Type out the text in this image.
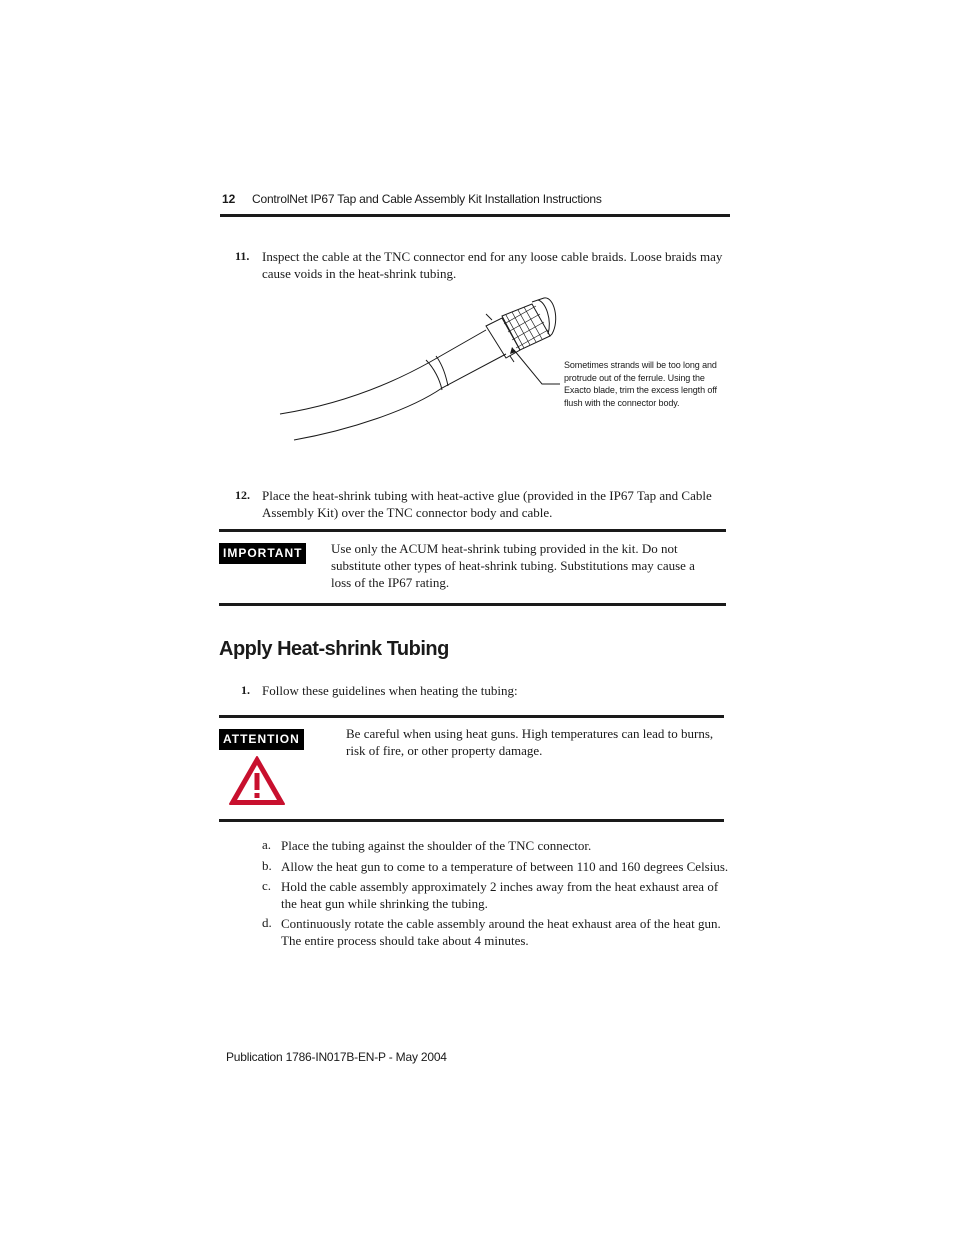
12 ControlNet IP67 Tap and Cable Assembly Kit Installation Instructions
11. Inspect the cable at the TNC connector end for any loose cable braids. Loose braids may
cause voids in the heat-shrink tubing.
Sometimes strands will be too long and
protrude out of the ferrule. Using the
Exacto blade, trim the excess length off
flush with the connector body.
12. Place the heat-shrink tubing with heat-active glue (provided in the IP67 Tap and Cable
Assembly Kit) over the TNC connector body and cable.
IMPORTANT	Use only the ACUM heat-shrink tubing provided in the kit. Do not
substitute other types of heat-shrink tubing. Substitutions may cause a
loss of the IP67 rating.
Apply Heat-shrink Tubing
1. Follow these guidelines when heating the tubing:
ATTENTION	Be careful when using heat guns. High temperatures can lead to burns,
risk of fire, or other property damage.
a. Place the tubing against the shoulder of the TNC connector.
b. Allow the heat gun to come to a temperature of between 110 and 160 degrees Celsius.
c. Hold the cable assembly approximately 2 inches away from the heat exhaust area of
the heat gun while shrinking the tubing.
d. Continuously rotate the cable assembly around the heat exhaust area of the heat gun.
The entire process should take about 4 minutes.
Publication 1786-IN017B-EN-P - May 2004
